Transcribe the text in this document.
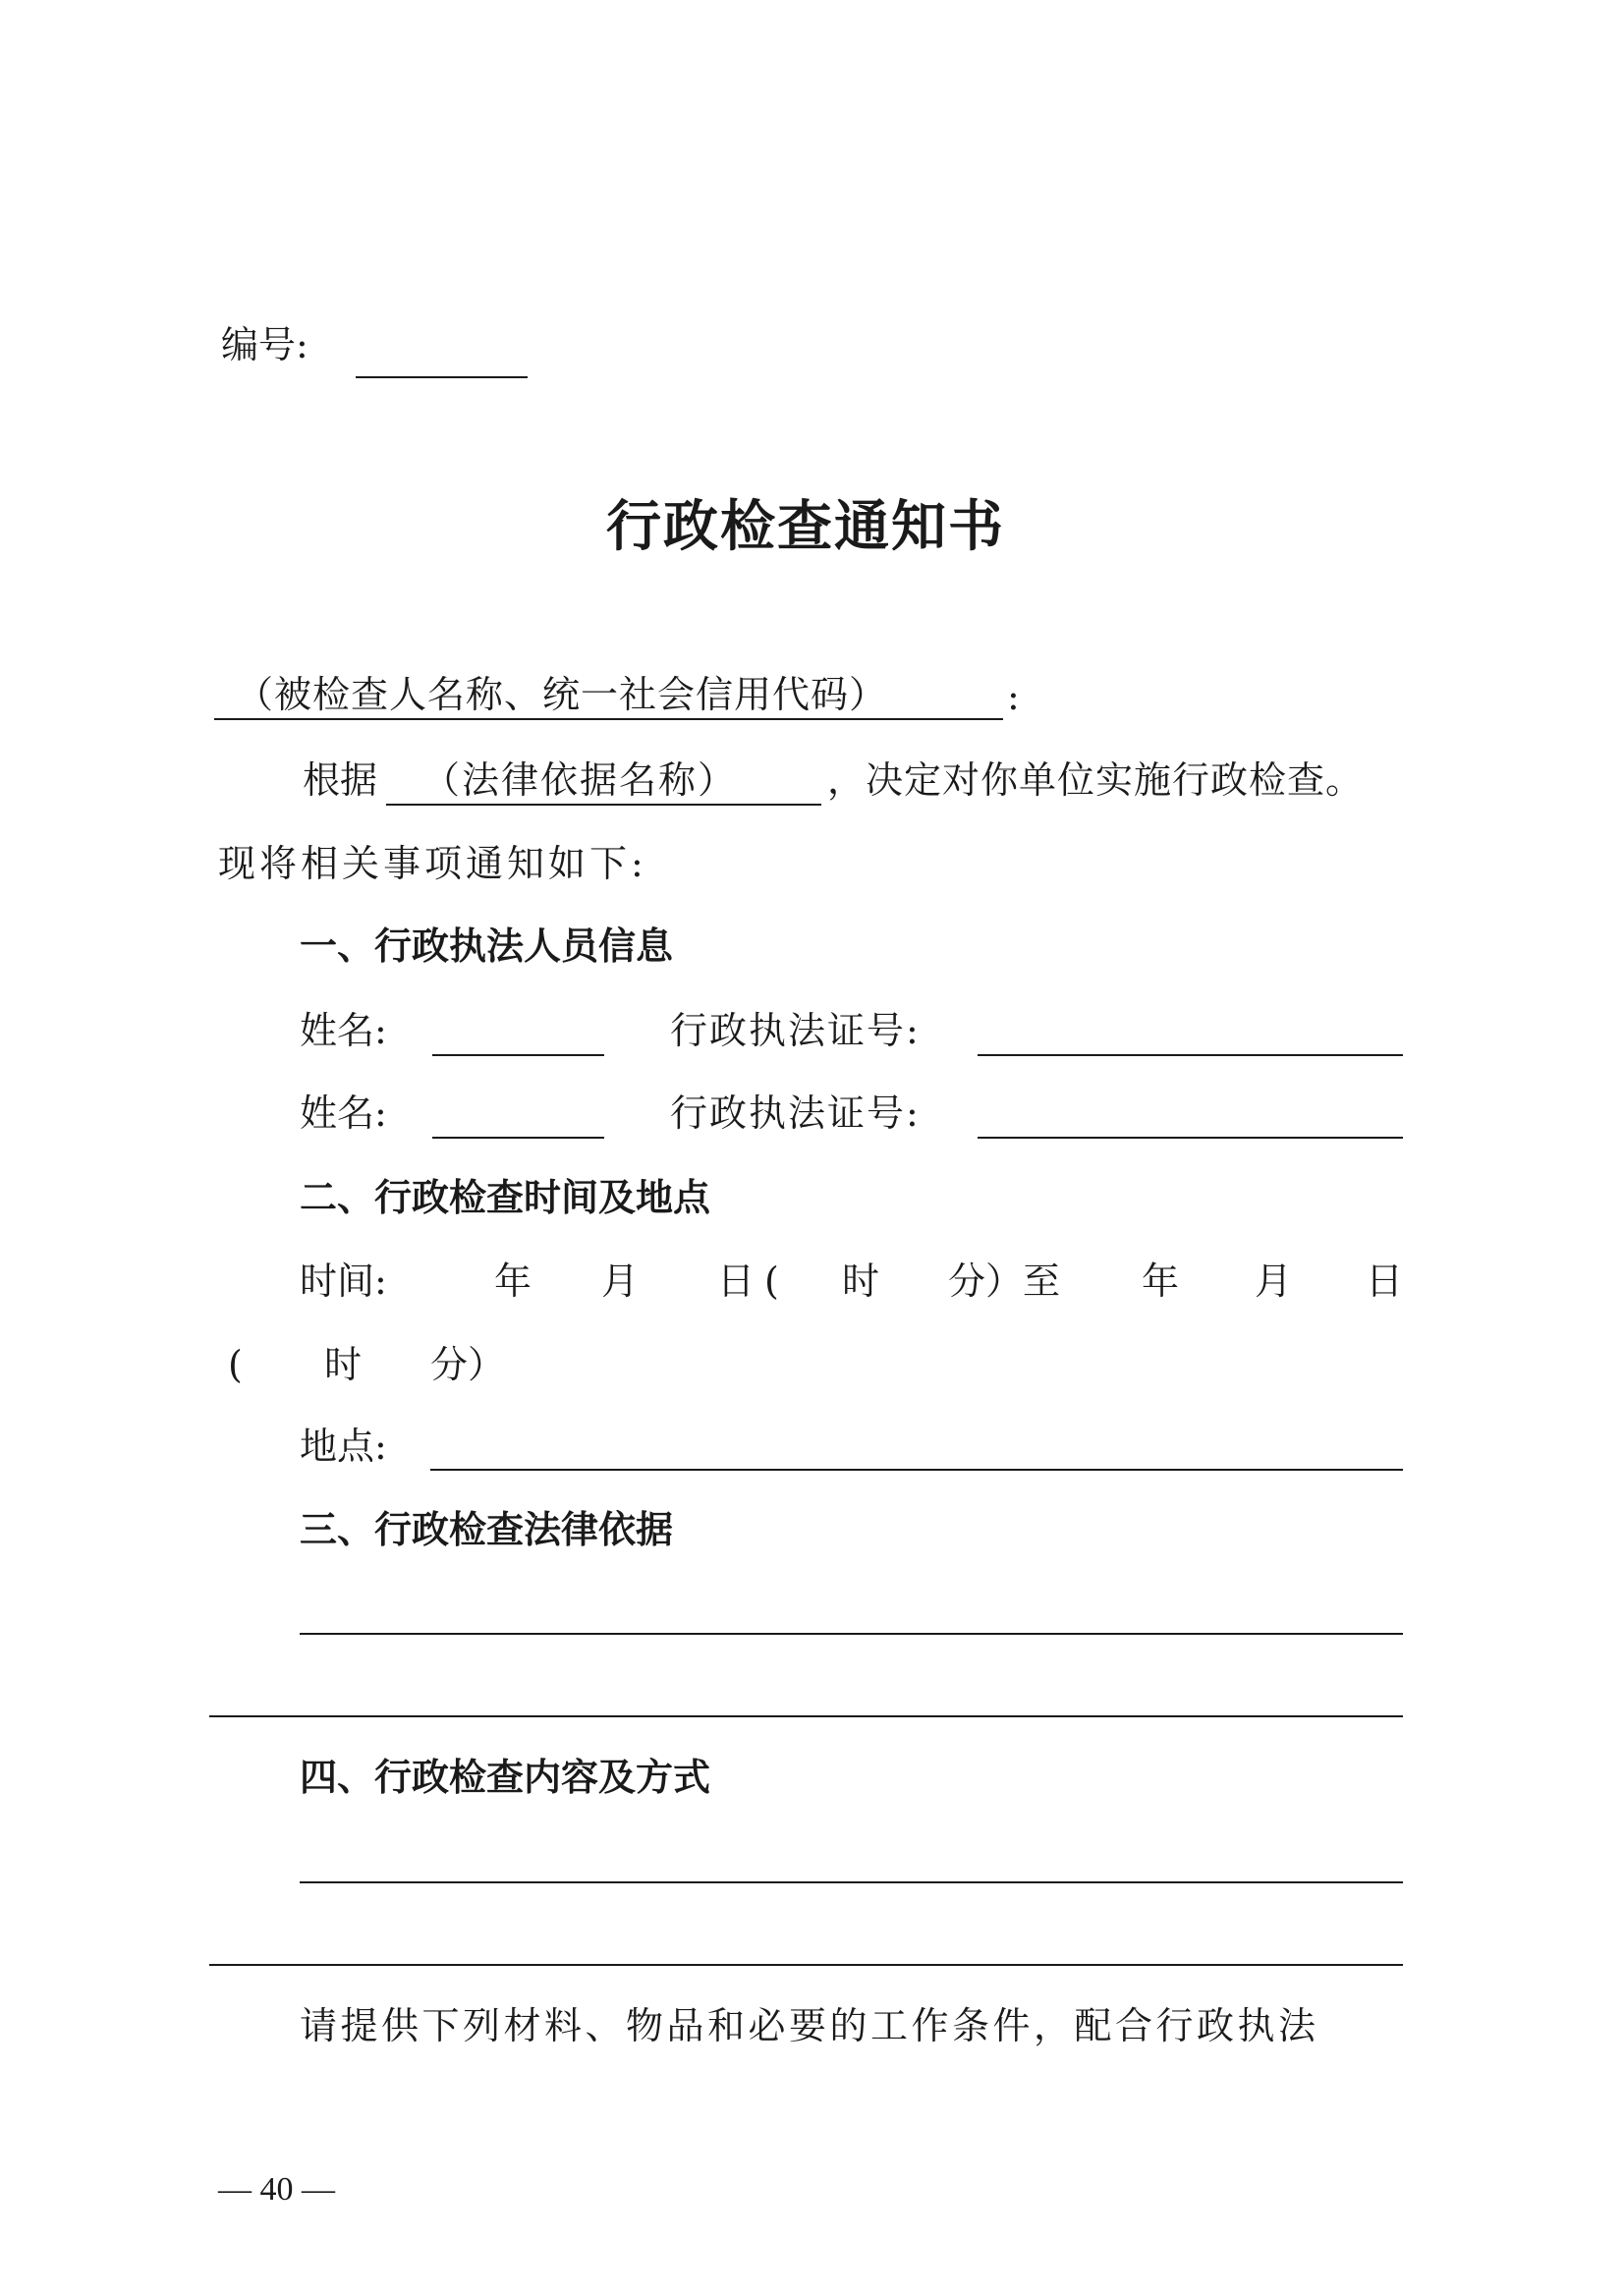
编号:
行政检查通知书
（被检查人名称、统一社会信用代码）	:
根据 （法律依据名称） ，决定对你单位实施行政检查。
现将相关事项通知如下:
一、行政执法人员信息
姓名:	行政执法证号:
姓名:	行政执法证号:
二、行政检查时间及地点
时间:	年 月 日 ( 时 分）至 年 月 日
( 时 分）
地点:
三、行政检查法律依据
四、行政检查内容及方式
请提供下列材料、物品和必要的工作条件，配合行政执法
— 40 —
